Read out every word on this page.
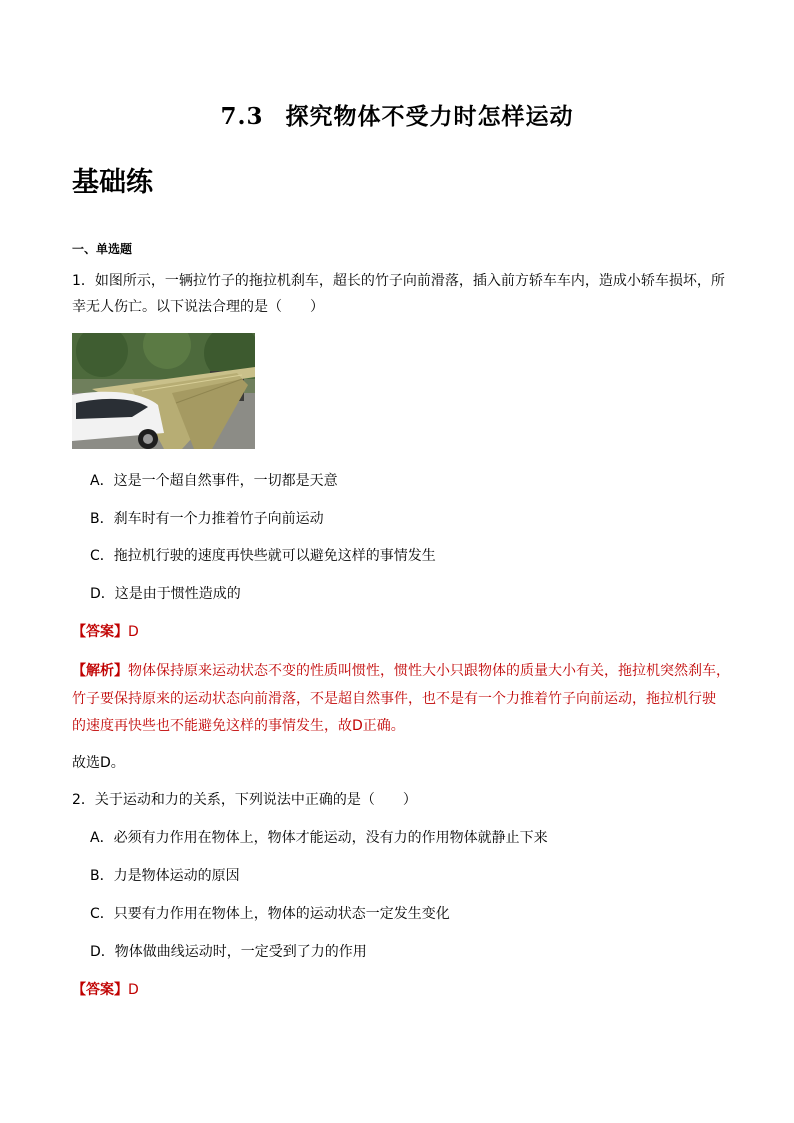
7.3 探究物体不受力时怎样运动
基础练
一、单选题
1．如图所示，一辆拉竹子的拖拉机刹车，超长的竹子向前滑落，插入前方轿车车内，造成小轿车损坏，所
幸无人伤亡。以下说法合理的是（　　）
A．这是一个超自然事件，一切都是天意
B．刹车时有一个力推着竹子向前运动
C．拖拉机行驶的速度再快些就可以避免这样的事情发生
D．这是由于惯性造成的
【答案】D
【解析】物体保持原来运动状态不变的性质叫惯性，惯性大小只跟物体的质量大小有关，拖拉机突然刹车，
竹子要保持原来的运动状态向前滑落，不是超自然事件，也不是有一个力推着竹子向前运动，拖拉机行驶
的速度再快些也不能避免这样的事情发生，故D正确。
故选D。
2．关于运动和力的关系，下列说法中正确的是（　　）
A．必须有力作用在物体上，物体才能运动，没有力的作用物体就静止下来
B．力是物体运动的原因
C．只要有力作用在物体上，物体的运动状态一定发生变化
D．物体做曲线运动时，一定受到了力的作用
【答案】D
